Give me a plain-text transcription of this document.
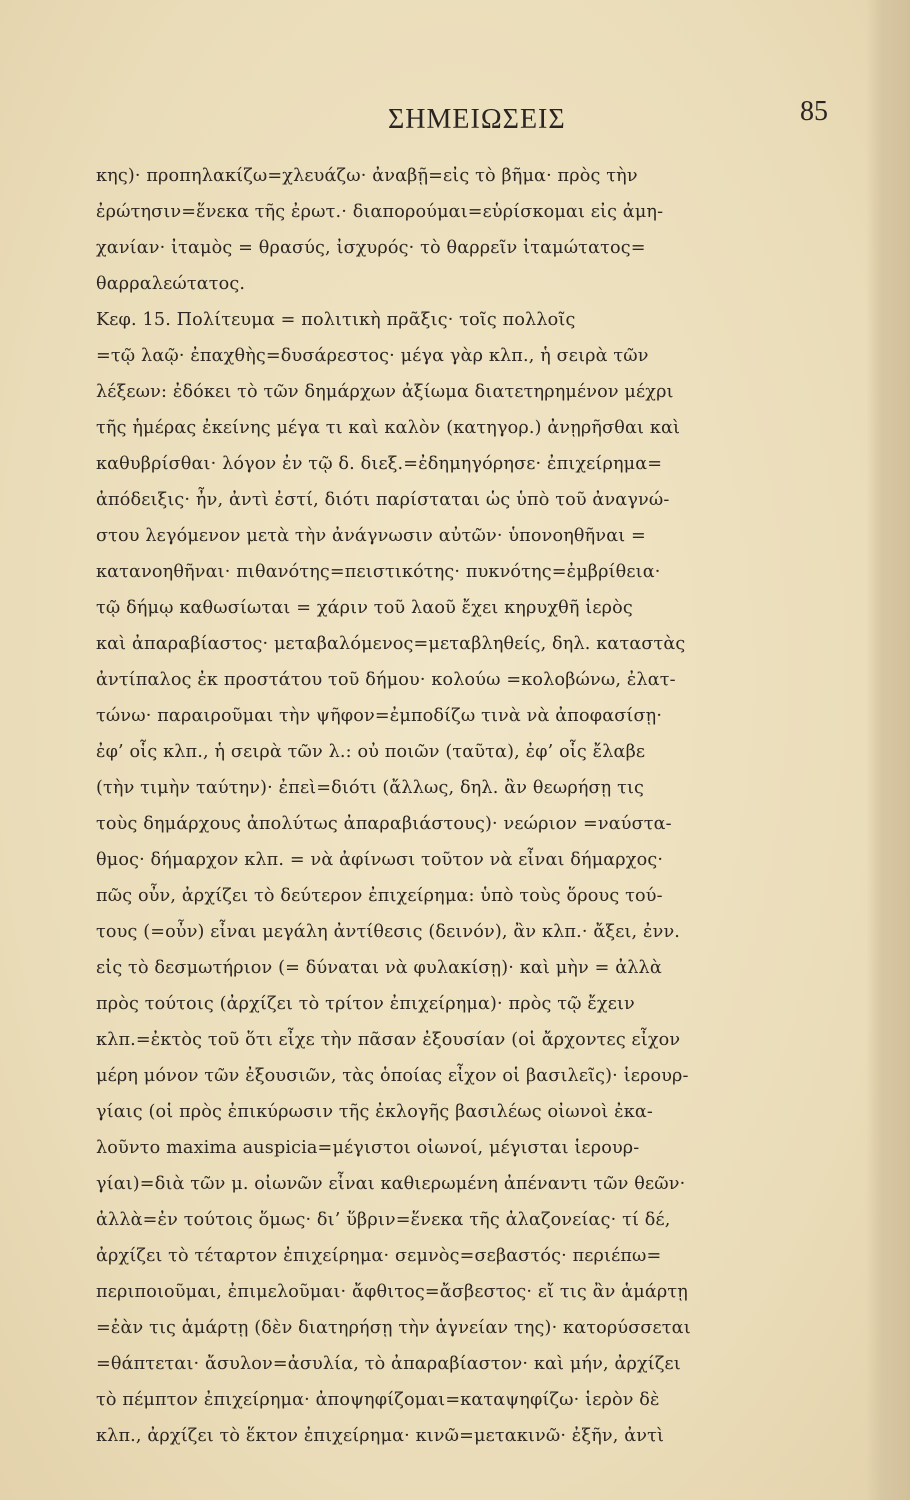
ΣΗΜΕΙΩΣΕΙΣ	85
κης)· προπηλακίζω=χλευάζω· ἀναβῇ=εἰς τὸ βῆμα· πρὸς τὴν
ἐρώτησιν=ἕνεκα τῆς ἐρωτ.· διαπορούμαι=εὑρίσκομαι εἰς ἀμη-
χανίαν· ἰταμὸς = θρασύς, ἰσχυρός· τὸ θαρρεῖν ἰταμώτατος=
θαρραλεώτατος.
Κεφ. 15. Πολίτευμα = πολιτικὴ πρᾶξις· τοῖς πολλοῖς
=τῷ λαῷ· ἐπαχθὴς=δυσάρεστος· μέγα γὰρ κλπ., ἡ σειρὰ τῶν
λέξεων: ἐδόκει τὸ τῶν δημάρχων ἀξίωμα διατετηρημένον μέχρι
τῆς ἡμέρας ἐκείνης μέγα τι καὶ καλὸν (κατηγορ.) ἀνῃρῆσθαι καὶ
καθυβρίσθαι· λόγον ἐν τῷ δ. διεξ.=ἐδημηγόρησε· ἐπιχείρημα=
ἀπόδειξις· ἦν, ἀντὶ ἐστί, διότι παρίσταται ὡς ὑπὸ τοῦ ἀναγνώ-
στου λεγόμενον μετὰ τὴν ἀνάγνωσιν αὐτῶν· ὑπονοηθῆναι =
κατανοηθῆναι· πιθανότης=πειστικότης· πυκνότης=ἐμβρίθεια·
τῷ δήμῳ καθωσίωται = χάριν τοῦ λαοῦ ἔχει κηρυχθῆ ἱερὸς
καὶ ἀπαραβίαστος· μεταβαλόμενος=μεταβληθείς, δηλ. καταστὰς
ἀντίπαλος ἐκ προστάτου τοῦ δήμου· κολούω =κολοβώνω, ἐλατ-
τώνω· παραιροῦμαι τὴν ψῆφον=ἐμποδίζω τινὰ νὰ ἀποφασίσῃ·
ἐφ’ οἷς κλπ., ἡ σειρὰ τῶν λ.: οὐ ποιῶν (ταῦτα), ἐφ’ οἷς ἔλαβε
(τὴν τιμὴν ταύτην)· ἐπεὶ=διότι (ἄλλως, δηλ. ἂν θεωρήσῃ τις
τοὺς δημάρχους ἀπολύτως ἀπαραβιάστους)· νεώριον =ναύστα-
θμος· δήμαρχον κλπ. = νὰ ἀφίνωσι τοῦτον νὰ εἶναι δήμαρχος·
πῶς οὖν, ἀρχίζει τὸ δεύτερον ἐπιχείρημα: ὑπὸ τοὺς ὅρους τού-
τους (=οὖν) εἶναι μεγάλη ἀντίθεσις (δεινόν), ἂν κλπ.· ἄξει, ἐνν.
εἰς τὸ δεσμωτήριον (= δύναται νὰ φυλακίσῃ)· καὶ μὴν = ἀλλὰ
πρὸς τούτοις (ἀρχίζει τὸ τρίτον ἐπιχείρημα)· πρὸς τῷ ἔχειν
κλπ.=ἐκτὸς τοῦ ὅτι εἶχε τὴν πᾶσαν ἐξουσίαν (οἱ ἄρχοντες εἶχον
μέρη μόνον τῶν ἐξουσιῶν, τὰς ὁποίας εἶχον οἱ βασιλεῖς)· ἱερουρ-
γίαις (οἱ πρὸς ἐπικύρωσιν τῆς ἐκλογῆς βασιλέως οἰωνοὶ ἐκα-
λοῦντο maxima auspicia=μέγιστοι οἰωνοί, μέγισται ἱερουρ-
γίαι)=διὰ τῶν μ. οἰωνῶν εἶναι καθιερωμένη ἀπέναντι τῶν θεῶν·
ἀλλὰ=ἐν τούτοις ὅμως· δι’ ὕβριν=ἕνεκα τῆς ἀλαζονείας· τί δέ,
ἀρχίζει τὸ τέταρτον ἐπιχείρημα· σεμνὸς=σεβαστός· περιέπω=
περιποιοῦμαι, ἐπιμελοῦμαι· ἄφθιτος=ἄσβεστος· εἴ τις ἂν ἁμάρτῃ
=ἐὰν τις ἁμάρτῃ (δὲν διατηρήσῃ τὴν ἁγνείαν της)· κατορύσσεται
=θάπτεται· ἄσυλον=ἀσυλία, τὸ ἀπαραβίαστον· καὶ μήν, ἀρχίζει
τὸ πέμπτον ἐπιχείρημα· ἀποψηφίζομαι=καταψηφίζω· ἱερὸν δὲ
κλπ., ἀρχίζει τὸ ἕκτον ἐπιχείρημα· κινῶ=μετακινῶ· ἐξῆν, ἀντὶ
